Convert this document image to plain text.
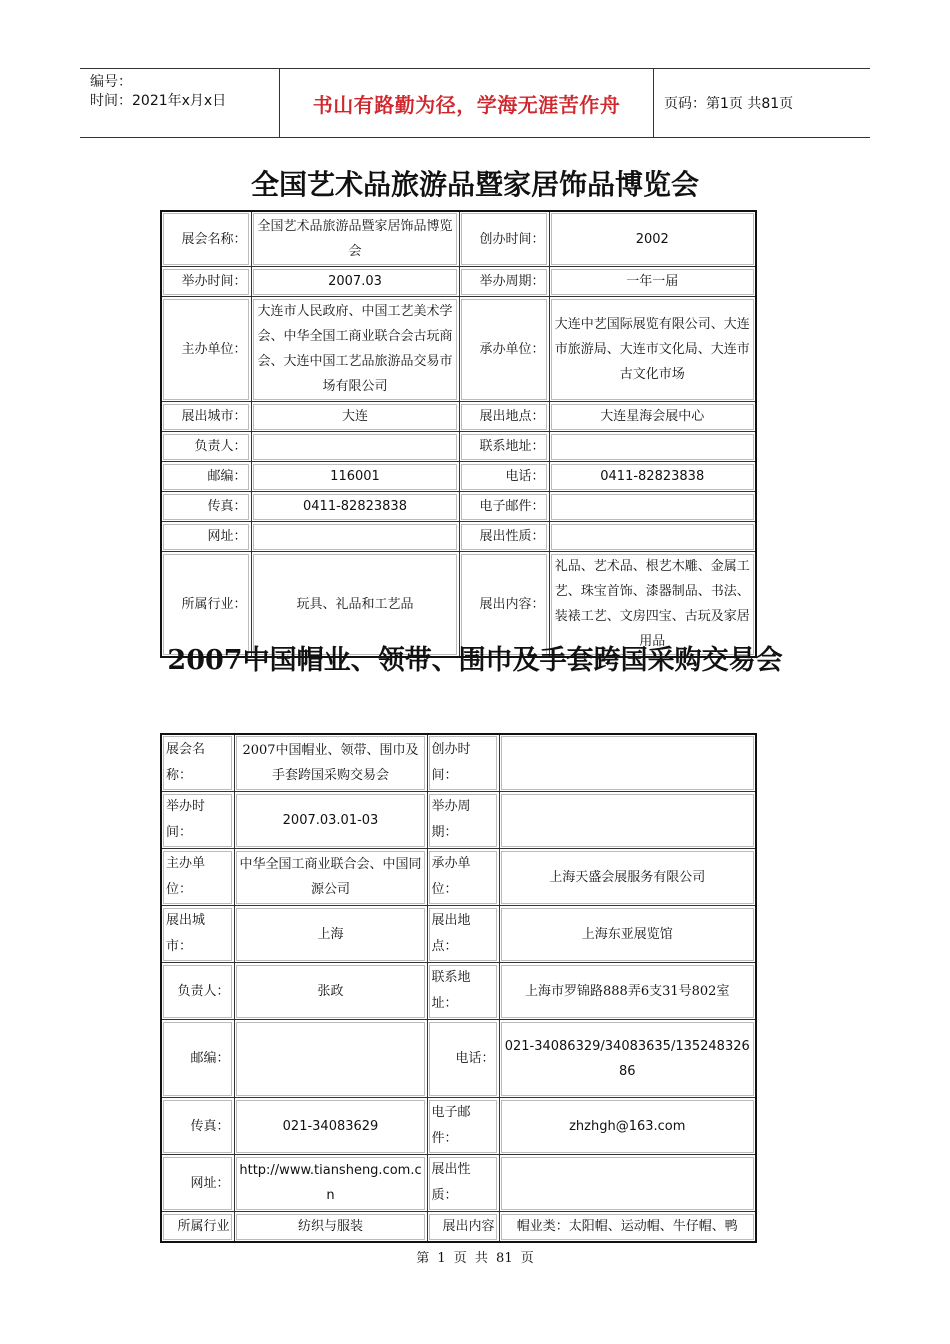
编号：
时间：2021年x月x日	书山有路勤为径，学海无涯苦作舟	页码：第1页 共81页
全国艺术品旅游品暨家居饰品博览会
展会名称：	全国艺术品旅游品暨家居饰品博览会	创办时间：	2002
举办时间：	2007.03	举办周期：	一年一届
主办单位：	大连市人民政府、中国工艺美术学会、中华全国工商业联合会古玩商会、大连中国工艺品旅游品交易市场有限公司	承办单位：	大连中艺国际展览有限公司、大连市旅游局、大连市文化局、大连市古文化市场
展出城市：	大连	展出地点：	大连星海会展中心
负责人：		联系地址：	
邮编：	116001	电话：	0411-82823838
传真：	0411-82823838	电子邮件：	
网址：		展出性质：	
所属行业：	玩具、礼品和工艺品	展出内容：	礼品、艺术品、根艺木雕、金属工艺、珠宝首饰、漆器制品、书法、装裱工艺、文房四宝、古玩及家居用品
2007中国帽业、领带、围巾及手套跨国采购交易会
展会名称：	2007中国帽业、领带、围巾及手套跨国采购交易会	创办时间：	
举办时间：	2007.03.01-03	举办周期：	
主办单位：	中华全国工商业联合会、中国同源公司	承办单位：	上海天盛会展服务有限公司
展出城市：	上海	展出地点：	上海东亚展览馆
负责人：	张政	联系地址：	上海市罗锦路888弄6支31号802室
邮编：		电话：	021-34086329/34083635/13524832686
传真：	021-34083629	电子邮件：	zhzhgh@163.com
网址：	http://www.tiansheng.com.cn	展出性质：	
所属行业	纺织与服装	展出内容	帽业类：太阳帽、运动帽、牛仔帽、鸭
第 1 页 共 81 页
